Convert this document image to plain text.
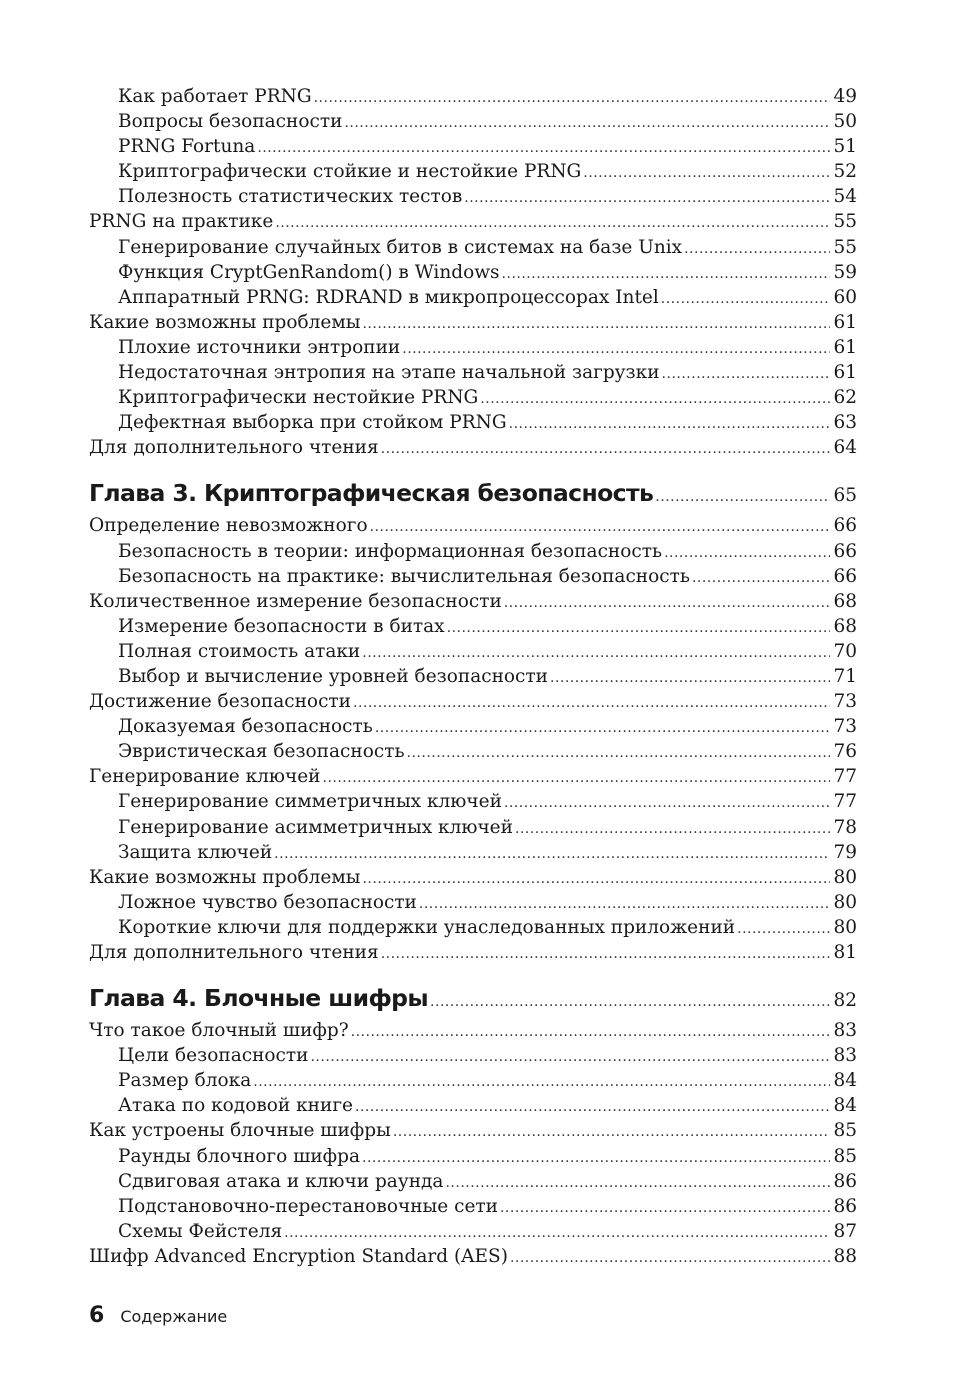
Как работает PRNG .....	49
Вопросы безопасности .....	50
PRNG Fortuna .....	51
Криптографически стойкие и нестойкие PRNG .....	52
Полезность статистических тестов .....	54
PRNG на практике .....	55
Генерирование случайных битов в системах на базе Unix .....	55
Функция CryptGenRandom() в Windows .....	59
Аппаратный PRNG: RDRAND в микропроцессорах Intel .....	60
Какие возможны проблемы .....	61
Плохие источники энтропии .....	61
Недостаточная энтропия на этапе начальной загрузки .....	61
Криптографически нестойкие PRNG .....	62
Дефектная выборка при стойком PRNG .....	63
Для дополнительного чтения .....	64
Глава 3. Криптографическая безопасность .....	65
Определение невозможного .....	66
Безопасность в теории: информационная безопасность .....	66
Безопасность на практике: вычислительная безопасность .....	66
Количественное измерение безопасности .....	68
Измерение безопасности в битах .....	68
Полная стоимость атаки .....	70
Выбор и вычисление уровней безопасности .....	71
Достижение безопасности .....	73
Доказуемая безопасность .....	73
Эвристическая безопасность .....	76
Генерирование ключей .....	77
Генерирование симметричных ключей .....	77
Генерирование асимметричных ключей .....	78
Защита ключей .....	79
Какие возможны проблемы .....	80
Ложное чувство безопасности .....	80
Короткие ключи для поддержки унаследованных приложений .....	80
Для дополнительного чтения .....	81
Глава 4. Блочные шифры .....	82
Что такое блочный шифр? .....	83
Цели безопасности .....	83
Размер блока .....	84
Атака по кодовой книге .....	84
Как устроены блочные шифры .....	85
Раунды блочного шифра .....	85
Сдвиговая атака и ключи раунда .....	86
Подстановочно-перестановочные сети .....	86
Схемы Фейстеля .....	87
Шифр Advanced Encryption Standard (AES) .....	88
6 Содержание
